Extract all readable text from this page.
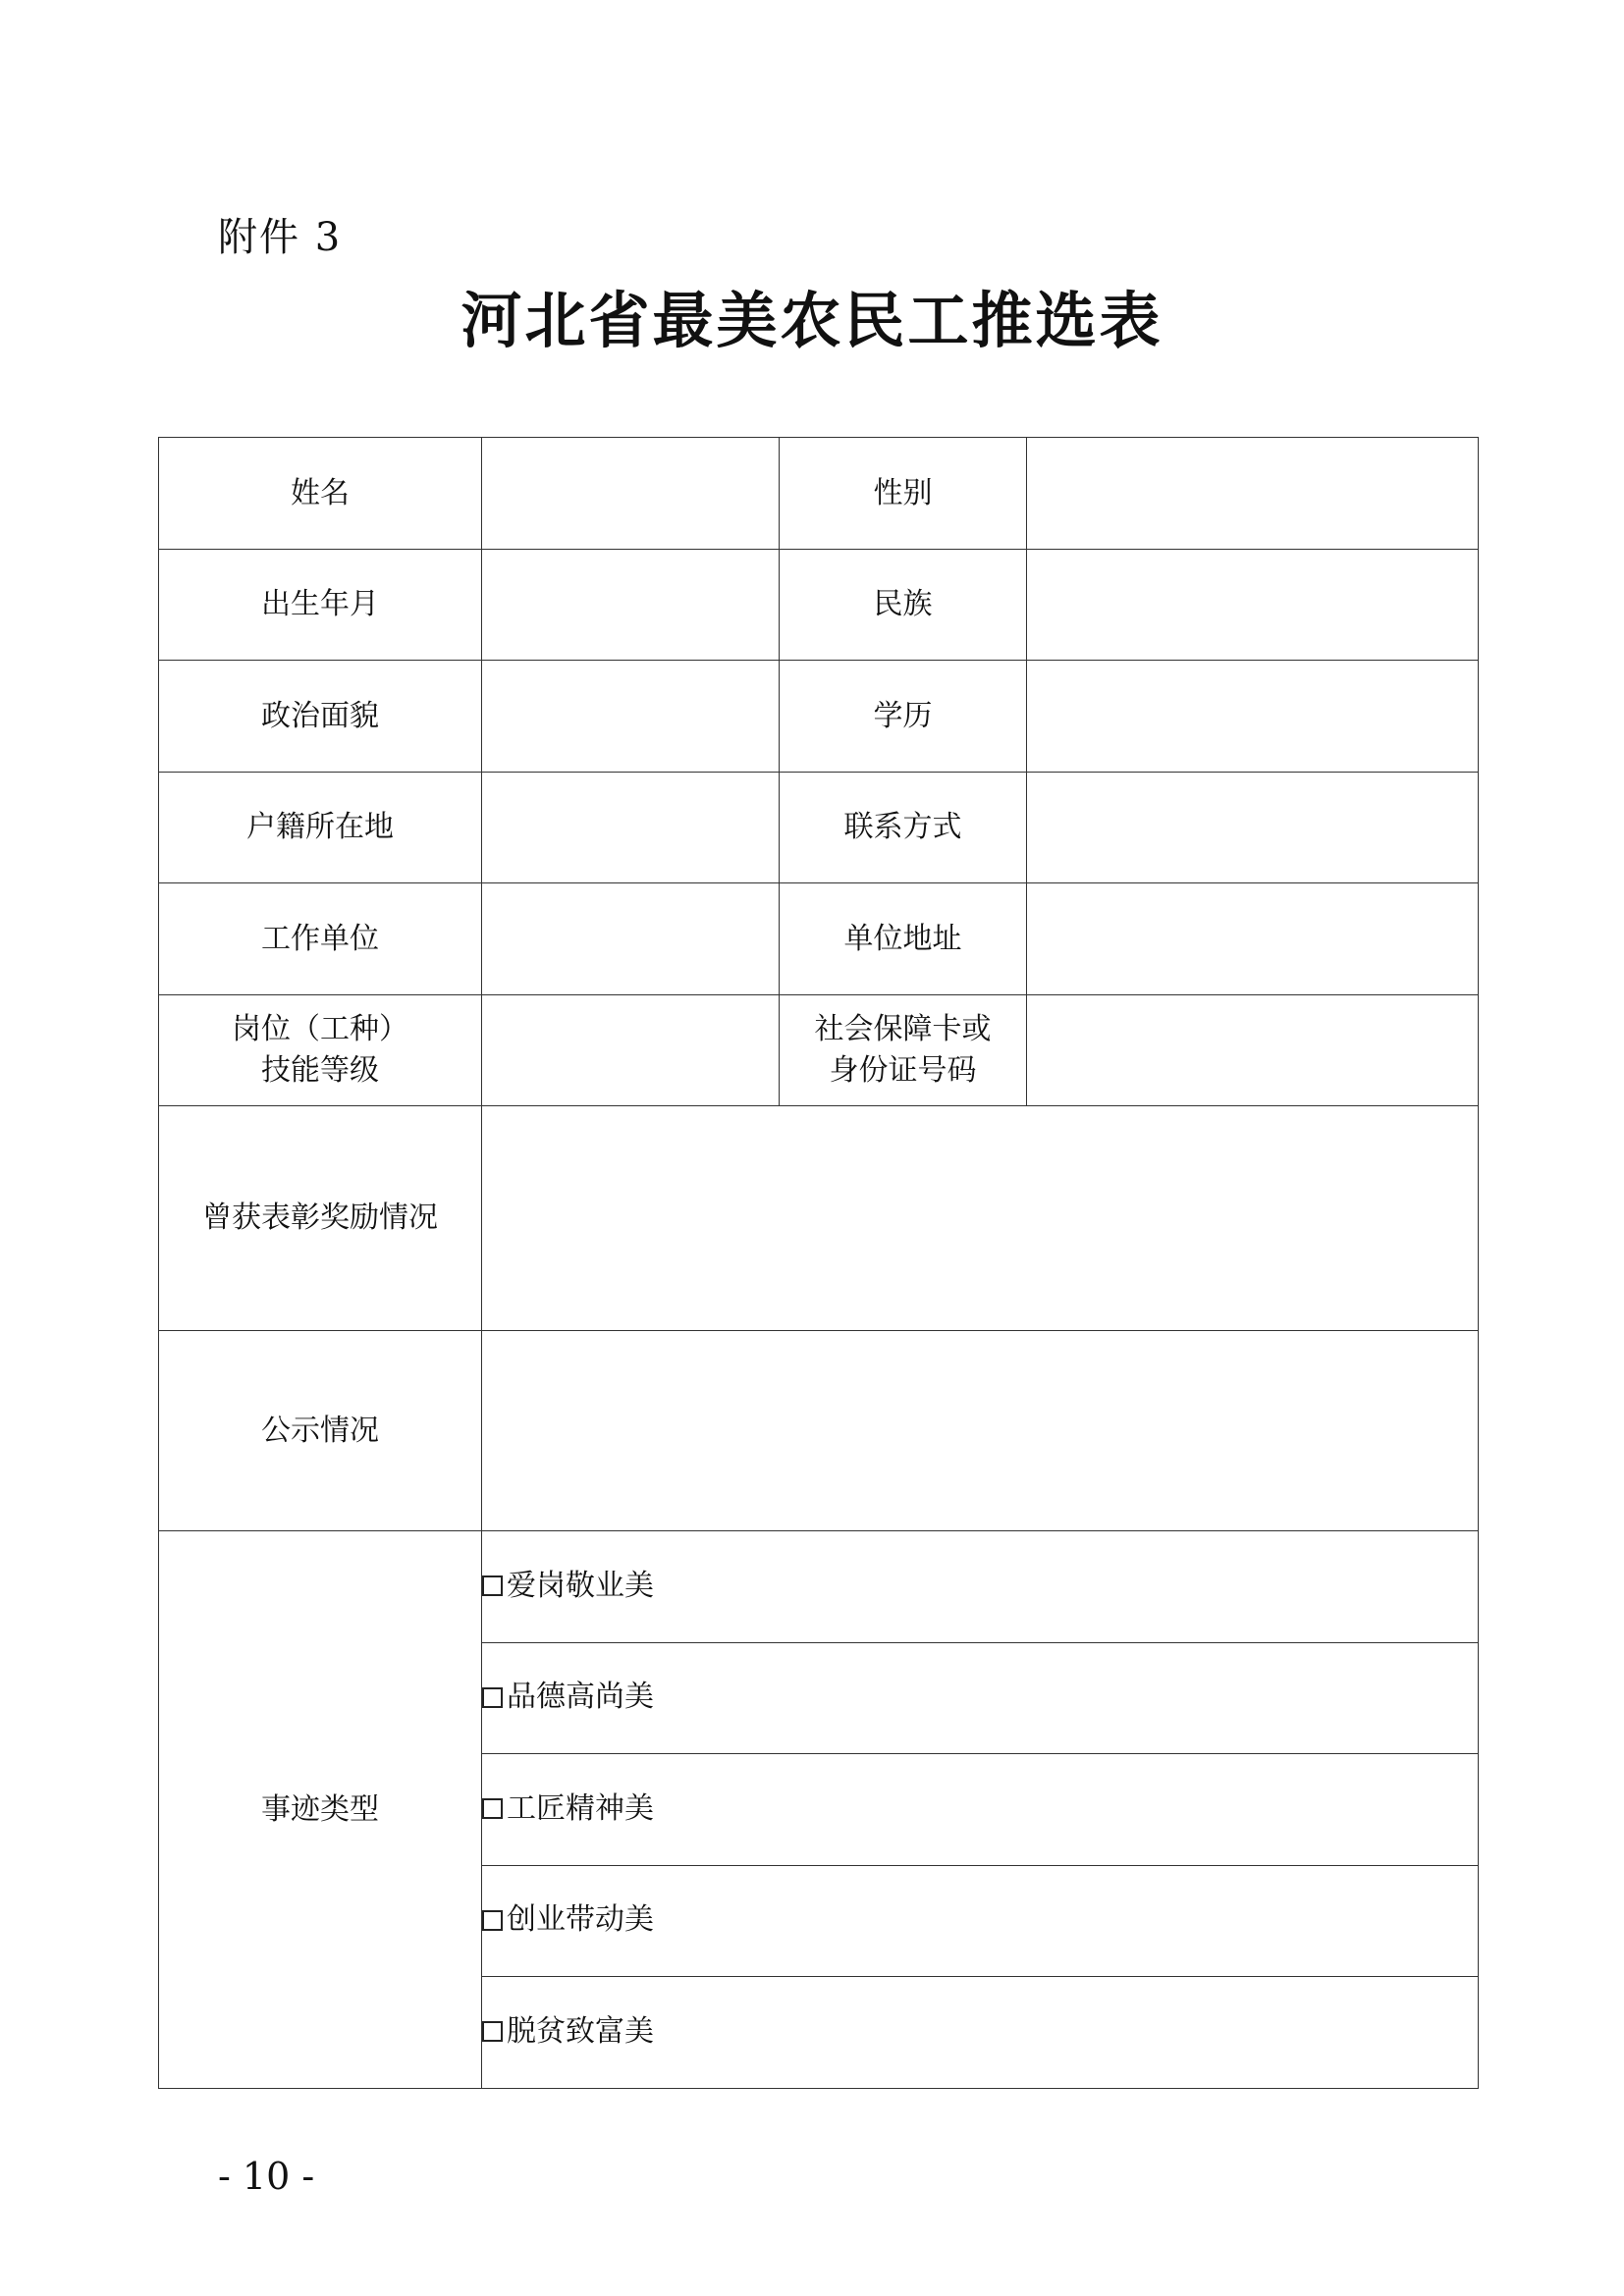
附件 3
河北省最美农民工推选表
姓名		性别	
出生年月		民族	
政治面貌		学历	
户籍所在地		联系方式	
工作单位		单位地址	

岗位（工种）
技能等级		社会保障卡或
身份证号码	

曾获表彰奖励情况			
公示情况			
事迹类型	爱岗敬业美		

	品德高尚美		

	工匠精神美		

	创业带动美		

	脱贫致富美		
- 10 -
